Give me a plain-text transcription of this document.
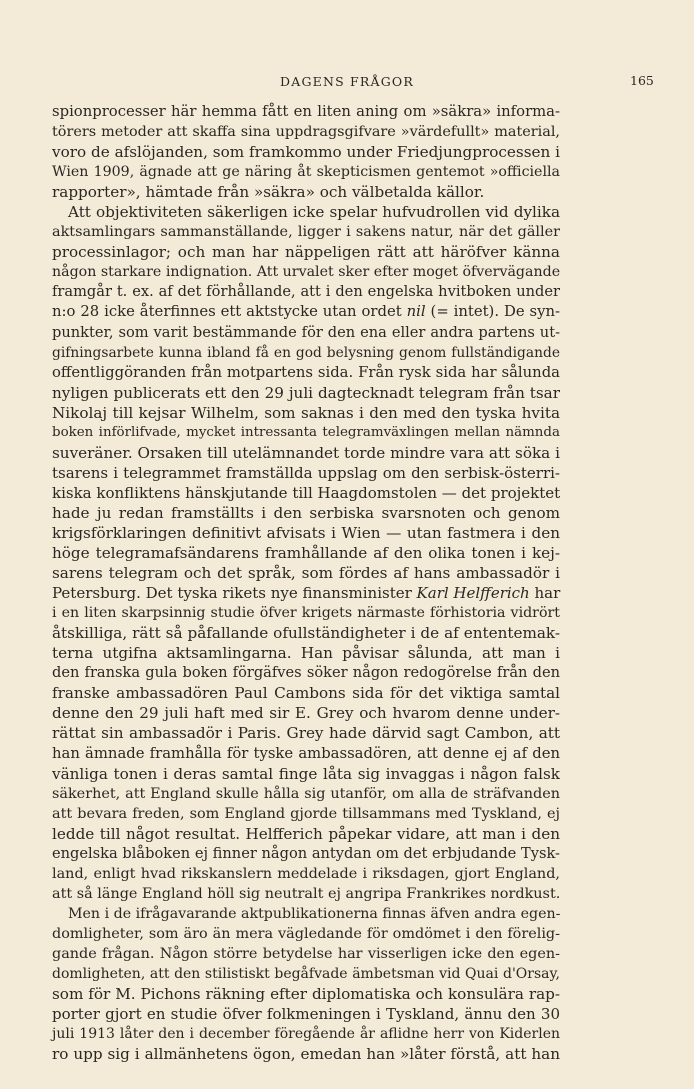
DAGENS FRÅGOR	165
spionprocesser här hemma fått en liten aning om »säkra» informa-
törers metoder att skaffa sina uppdragsgifvare »värdefullt» material,
voro de afslöjanden, som framkommo under Friedjungprocessen i
Wien 1909, ägnade att ge näring åt skepticismen gentemot »officiella
rapporter», hämtade från »säkra» och välbetalda källor.
Att objektiviteten säkerligen icke spelar hufvudrollen vid dylika
aktsamlingars sammanställande, ligger i sakens natur, när det gäller
processinlagor; och man har näppeligen rätt att häröfver känna
någon starkare indignation. Att urvalet sker efter moget öfvervägande
framgår t. ex. af det förhållande, att i den engelska hvitboken under
n:o 28 icke återfinnes ett aktstycke utan ordet nil (= intet). De syn-
punkter, som varit bestämmande för den ena eller andra partens ut-
gifningsarbete kunna ibland få en god belysning genom fullständigande
offentliggöranden från motpartens sida. Från rysk sida har sålunda
nyligen publicerats ett den 29 juli dagtecknadt telegram från tsar
Nikolaj till kejsar Wilhelm, som saknas i den med den tyska hvita
boken införlifvade, mycket intressanta telegramväxlingen mellan nämnda
suveräner. Orsaken till utelämnandet torde mindre vara att söka i
tsarens i telegrammet framställda uppslag om den serbisk-österri-
kiska konfliktens hänskjutande till Haagdomstolen — det projektet
hade ju redan framställts i den serbiska svarsnoten och genom
krigsförklaringen definitivt afvisats i Wien — utan fastmera i den
höge telegramafsändarens framhållande af den olika tonen i kej-
sarens telegram och det språk, som fördes af hans ambassadör i
Petersburg. Det tyska rikets nye finansminister Karl Helfferich har
i en liten skarpsinnig studie öfver krigets närmaste förhistoria vidrört
åtskilliga, rätt så påfallande ofullständigheter i de af ententemak-
terna utgifna aktsamlingarna. Han påvisar sålunda, att man i
den franska gula boken förgäfves söker någon redogörelse från den
franske ambassadören Paul Cambons sida för det viktiga samtal
denne den 29 juli haft med sir E. Grey och hvarom denne under-
rättat sin ambassadör i Paris. Grey hade därvid sagt Cambon, att
han ämnade framhålla för tyske ambassadören, att denne ej af den
vänliga tonen i deras samtal finge låta sig invaggas i någon falsk
säkerhet, att England skulle hålla sig utanför, om alla de sträfvanden
att bevara freden, som England gjorde tillsammans med Tyskland, ej
ledde till något resultat. Helfferich påpekar vidare, att man i den
engelska blåboken ej finner någon antydan om det erbjudande Tysk-
land, enligt hvad rikskanslern meddelade i riksdagen, gjort England,
att så länge England höll sig neutralt ej angripa Frankrikes nordkust.
Men i de ifrågavarande aktpublikationerna finnas äfven andra egen-
domligheter, som äro än mera vägledande för omdömet i den förelig-
gande frågan. Någon större betydelse har visserligen icke den egen-
domligheten, att den stilistiskt begåfvade ämbetsman vid Quai d'Orsay,
som för M. Pichons räkning efter diplomatiska och konsulära rap-
porter gjort en studie öfver folkmeningen i Tyskland, ännu den 30
juli 1913 låter den i december föregående år aflidne herr von Kiderlen
ro upp sig i allmänhetens ögon, emedan han »låter förstå, att han
